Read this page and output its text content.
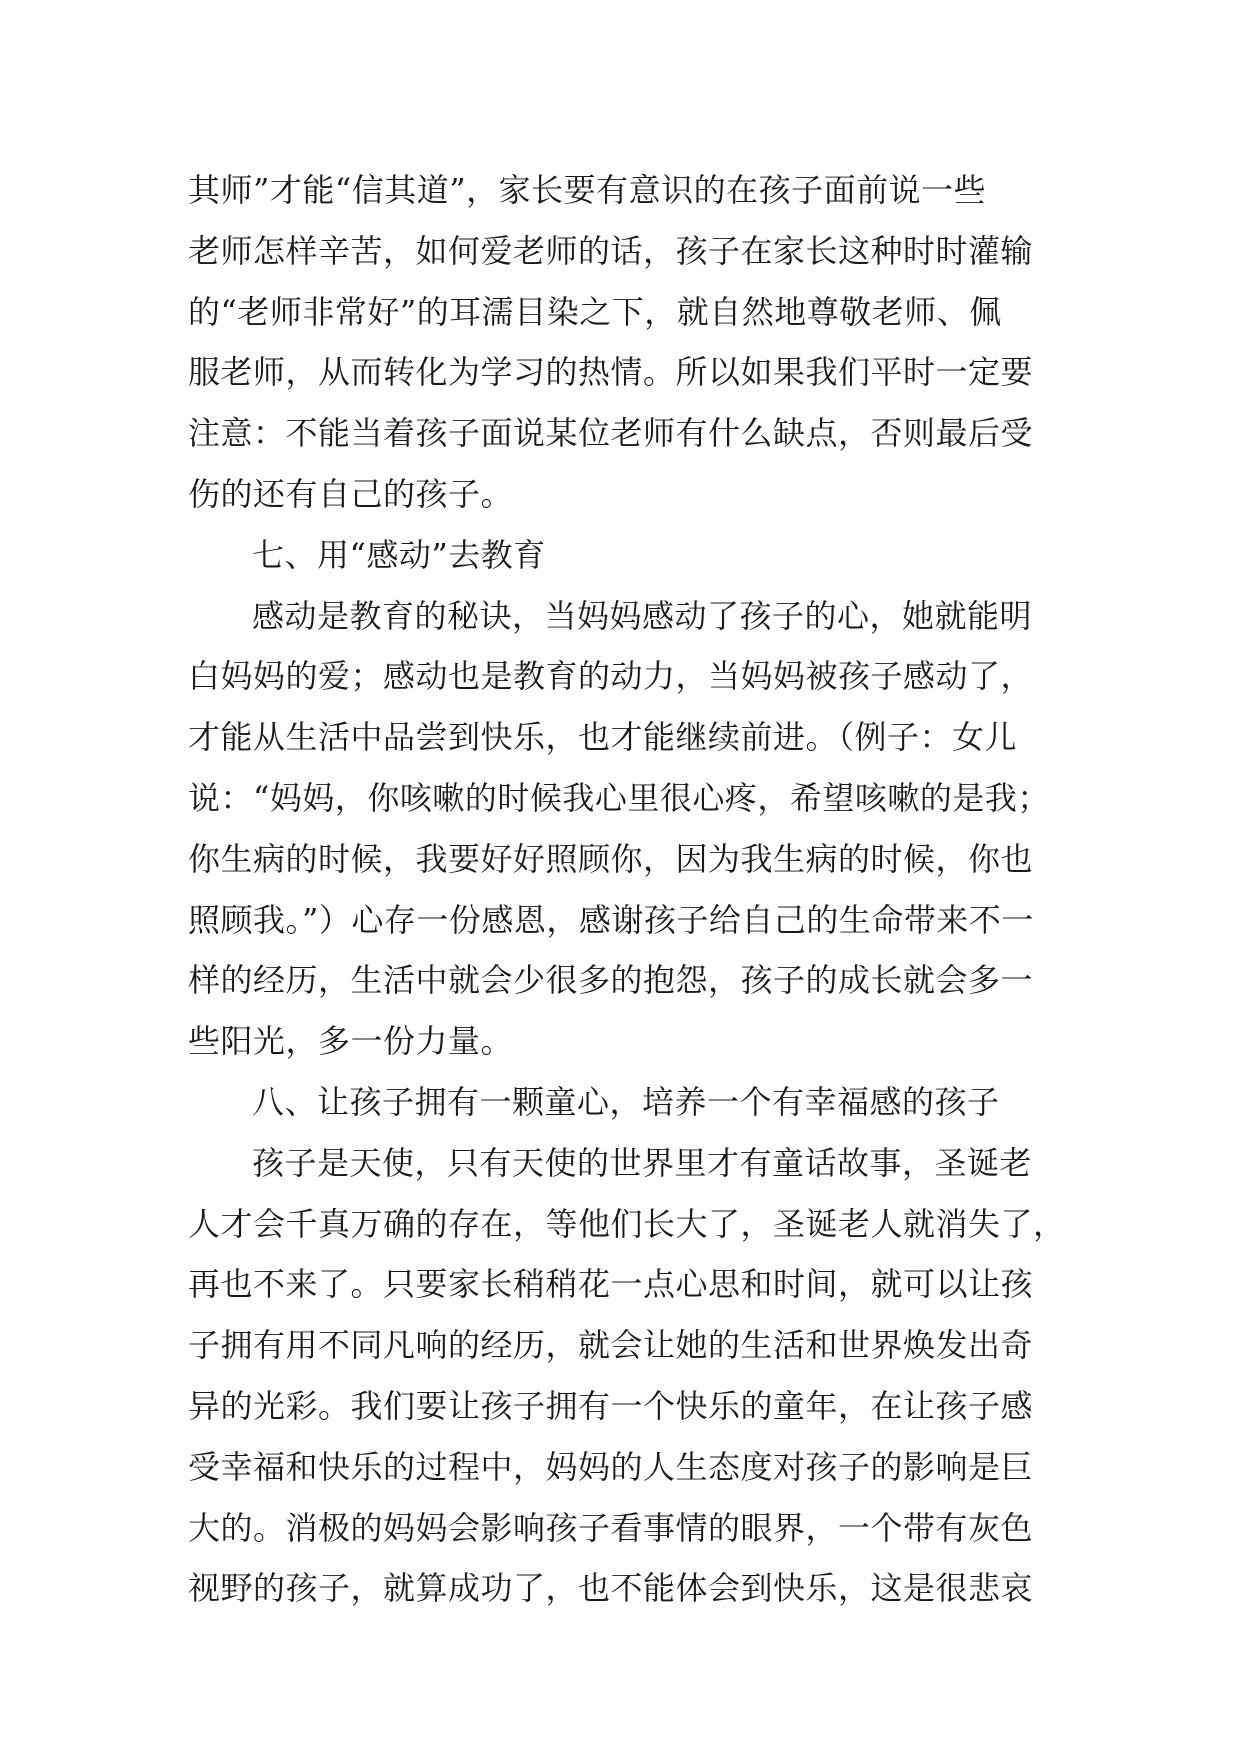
其师”才能“信其道”，家长要有意识的在孩子面前说一些
老师怎样辛苦，如何爱老师的话，孩子在家长这种时时灌输
的“老师非常好”的耳濡目染之下，就自然地尊敬老师、佩
服老师，从而转化为学习的热情。所以如果我们平时一定要
注意：不能当着孩子面说某位老师有什么缺点，否则最后受
伤的还有自己的孩子。
七、用“感动”去教育
感动是教育的秘诀，当妈妈感动了孩子的心，她就能明
白妈妈的爱；感动也是教育的动力，当妈妈被孩子感动了，
才能从生活中品尝到快乐，也才能继续前进。（例子：女儿
说：“妈妈，你咳嗽的时候我心里很心疼，希望咳嗽的是我；
你生病的时候，我要好好照顾你，因为我生病的时候，你也
照顾我。”）心存一份感恩，感谢孩子给自己的生命带来不一
样的经历，生活中就会少很多的抱怨，孩子的成长就会多一
些阳光，多一份力量。
八、让孩子拥有一颗童心，培养一个有幸福感的孩子
孩子是天使，只有天使的世界里才有童话故事，圣诞老
人才会千真万确的存在，等他们长大了，圣诞老人就消失了，
再也不来了。只要家长稍稍花一点心思和时间，就可以让孩
子拥有用不同凡响的经历，就会让她的生活和世界焕发出奇
异的光彩。我们要让孩子拥有一个快乐的童年，在让孩子感
受幸福和快乐的过程中，妈妈的人生态度对孩子的影响是巨
大的。消极的妈妈会影响孩子看事情的眼界，一个带有灰色
视野的孩子，就算成功了，也不能体会到快乐，这是很悲哀
